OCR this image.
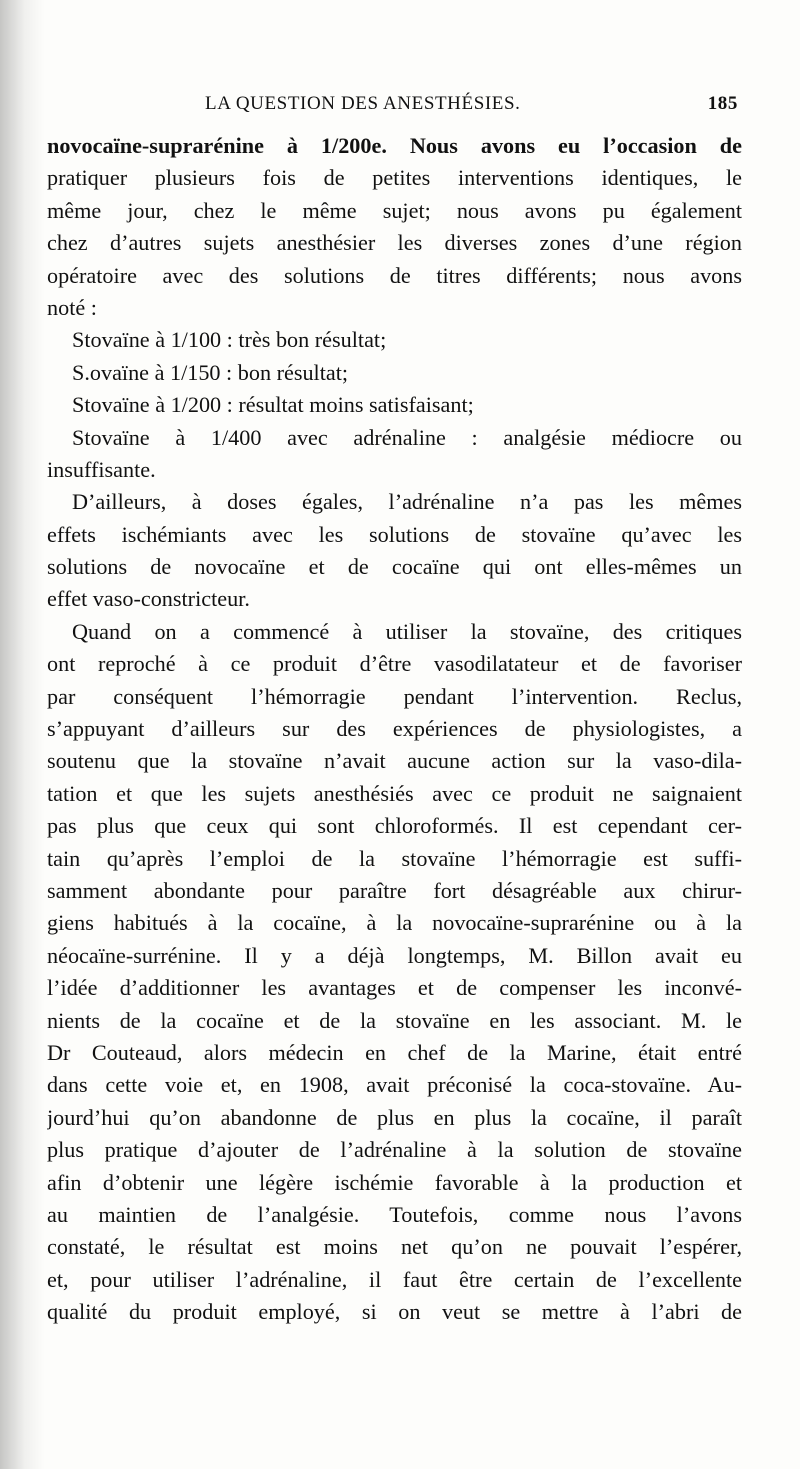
LA QUESTION DES ANESTHÉSIES.	185
novocaïne-suprarénine à 1/200e. Nous avons eu l’occasion de
pratiquer plusieurs fois de petites interventions identiques, le
même jour, chez le même sujet; nous avons pu également
chez d’autres sujets anesthésier les diverses zones d’une région
opératoire avec des solutions de titres différents; nous avons
noté :
Stovaïne à 1/100 : très bon résultat;
S.ovaïne à 1/150 : bon résultat;
Stovaïne à 1/200 : résultat moins satisfaisant;
Stovaïne à 1/400 avec adrénaline : analgésie médiocre ou
insuffisante.
D’ailleurs, à doses égales, l’adrénaline n’a pas les mêmes
effets ischémiants avec les solutions de stovaïne qu’avec les
solutions de novocaïne et de cocaïne qui ont elles-mêmes un
effet vaso-constricteur.
Quand on a commencé à utiliser la stovaïne, des critiques
ont reproché à ce produit d’être vasodilatateur et de favoriser
par conséquent l’hémorragie pendant l’intervention. Reclus,
s’appuyant d’ailleurs sur des expériences de physiologistes, a
soutenu que la stovaïne n’avait aucune action sur la vaso-dila-
tation et que les sujets anesthésiés avec ce produit ne saignaient
pas plus que ceux qui sont chloroformés. Il est cependant cer-
tain qu’après l’emploi de la stovaïne l’hémorragie est suffi-
samment abondante pour paraître fort désagréable aux chirur-
giens habitués à la cocaïne, à la novocaïne-suprarénine ou à la
néocaïne-surrénine. Il y a déjà longtemps, M. Billon avait eu
l’idée d’additionner les avantages et de compenser les inconvé-
nients de la cocaïne et de la stovaïne en les associant. M. le
Dr Couteaud, alors médecin en chef de la Marine, était entré
dans cette voie et, en 1908, avait préconisé la coca-stovaïne. Au-
jourd’hui qu’on abandonne de plus en plus la cocaïne, il paraît
plus pratique d’ajouter de l’adrénaline à la solution de stovaïne
afin d’obtenir une légère ischémie favorable à la production et
au maintien de l’analgésie. Toutefois, comme nous l’avons
constaté, le résultat est moins net qu’on ne pouvait l’espérer,
et, pour utiliser l’adrénaline, il faut être certain de l’excellente
qualité du produit employé, si on veut se mettre à l’abri de
